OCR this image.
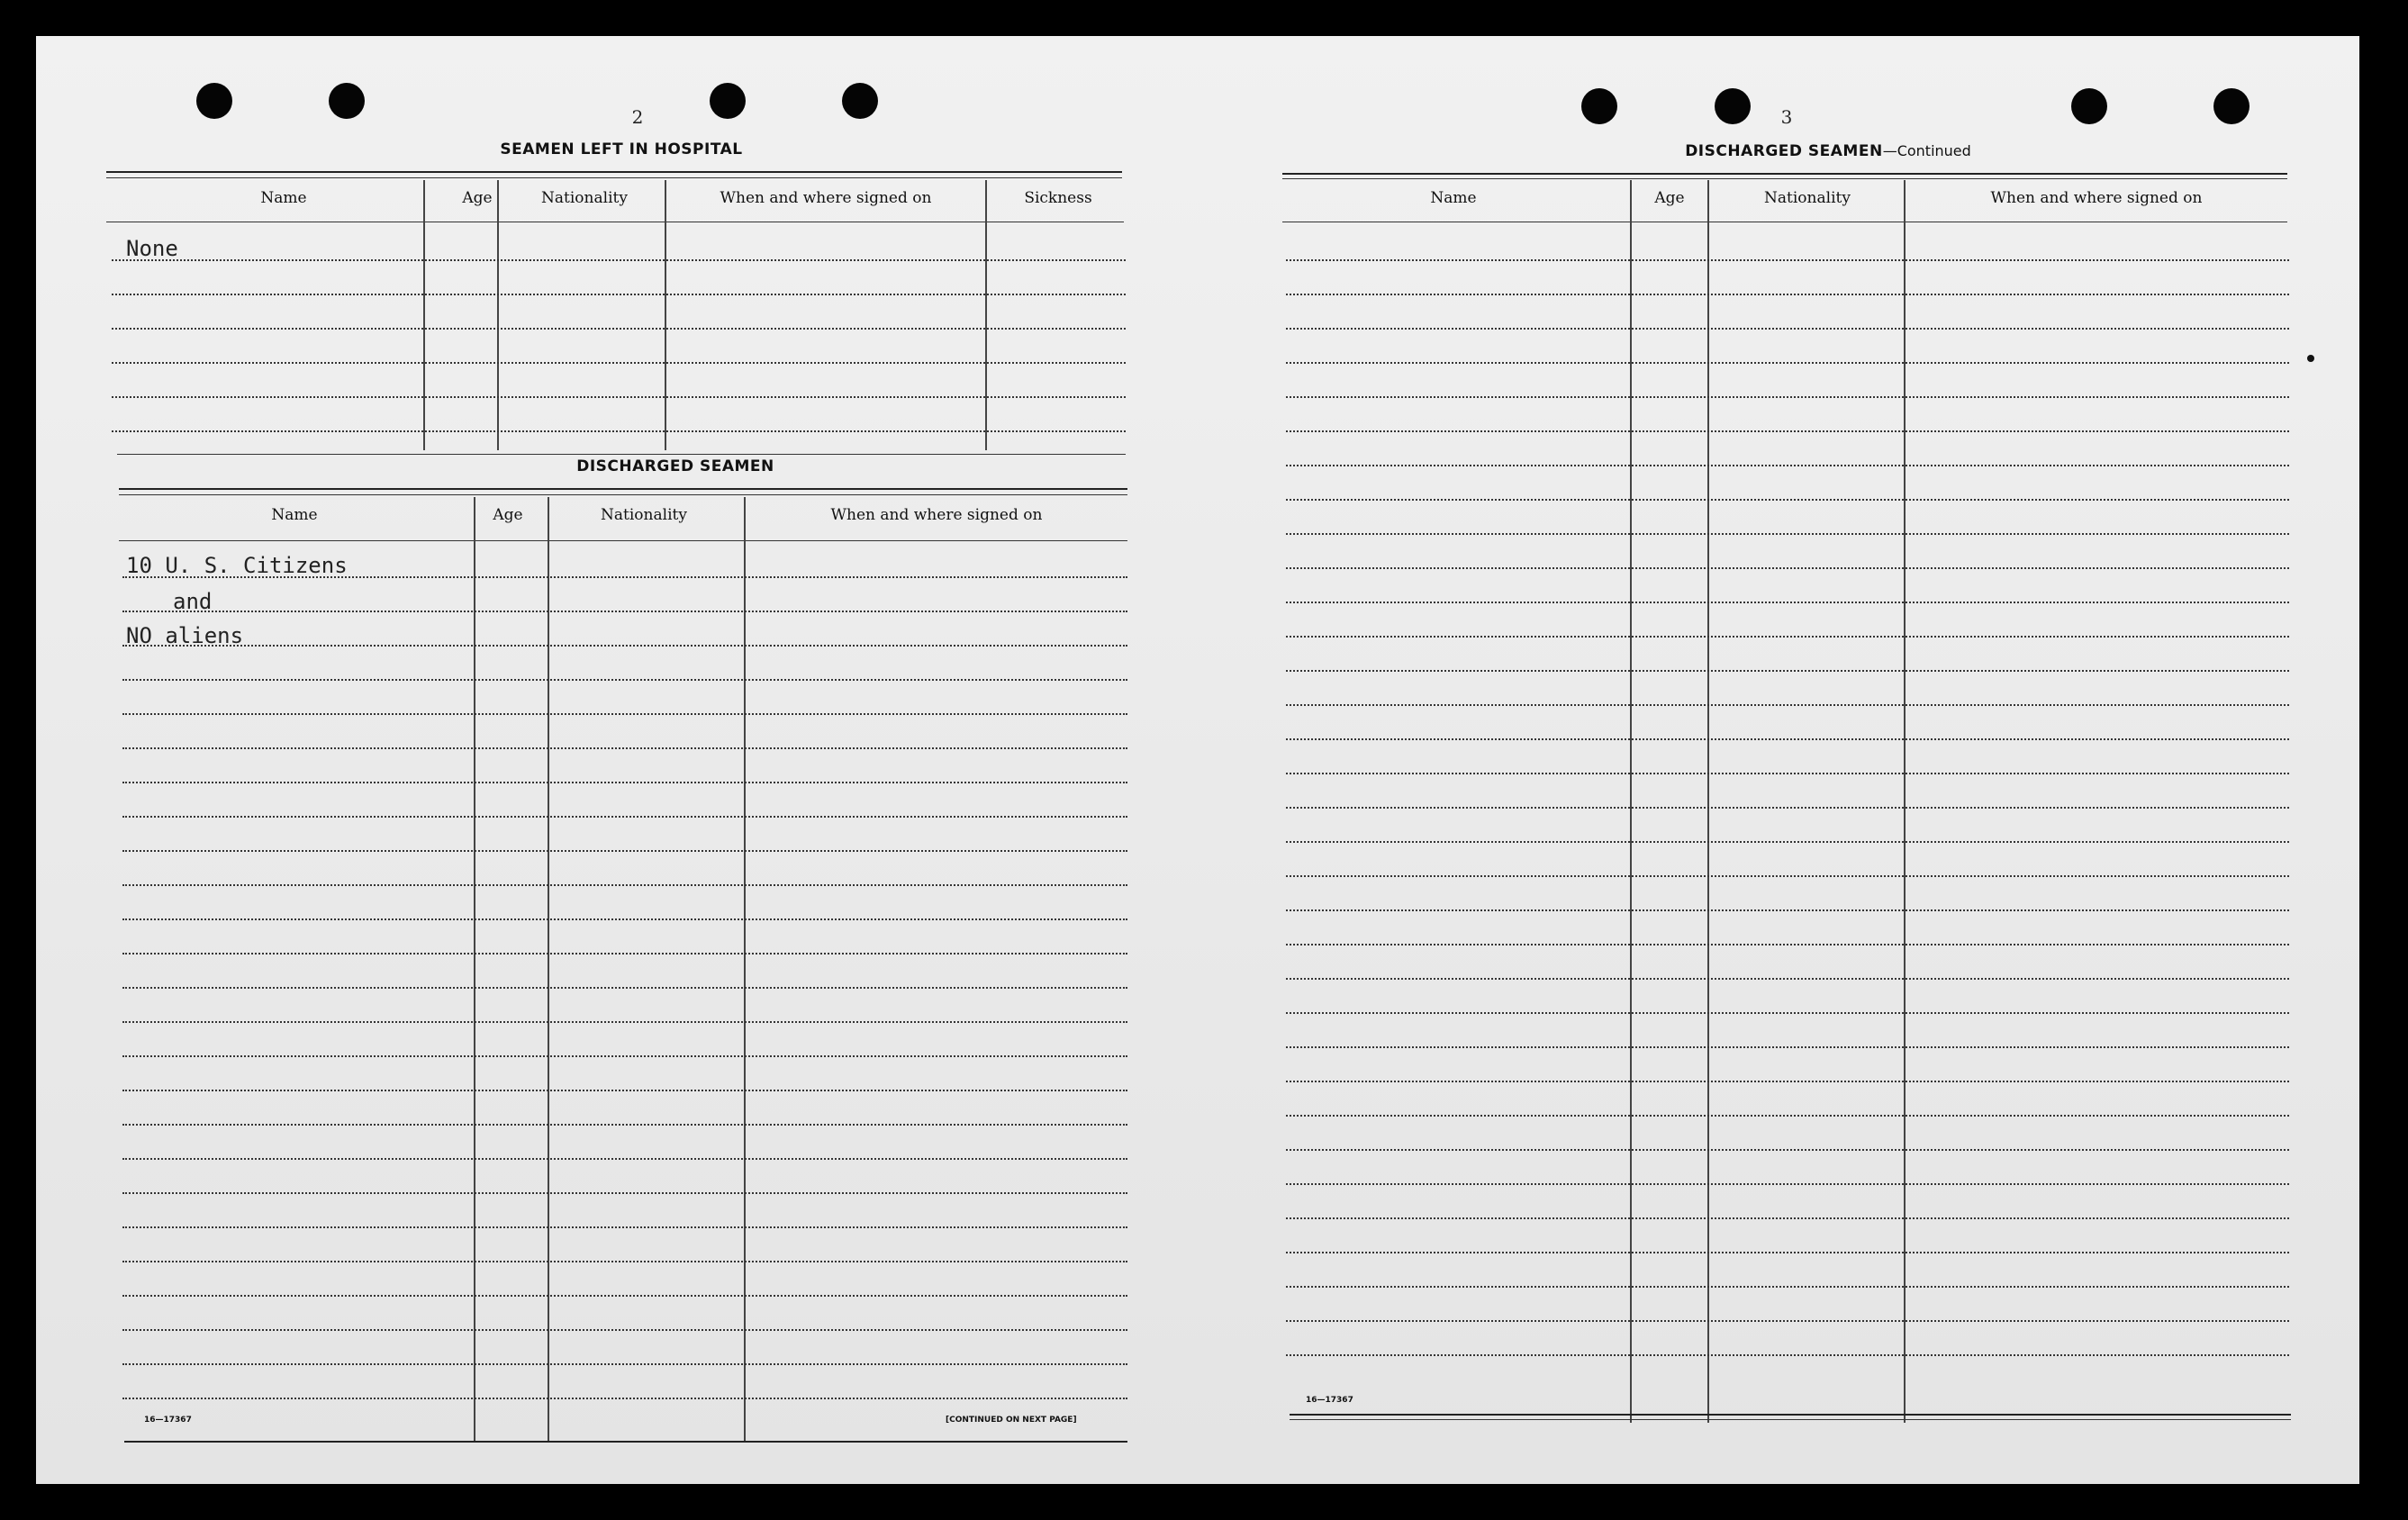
2
SEAMEN LEFT IN HOSPITAL
Name	Age	Nationality	When and where signed on	Sickness
None
DISCHARGED SEAMEN
Name	Age	Nationality	When and where signed on
10 U. S. Citizens
and
NO aliens
16—17367	[CONTINUED ON NEXT PAGE]
3
DISCHARGED SEAMEN—Continued
Name	Age	Nationality	When and where signed on
16—17367
